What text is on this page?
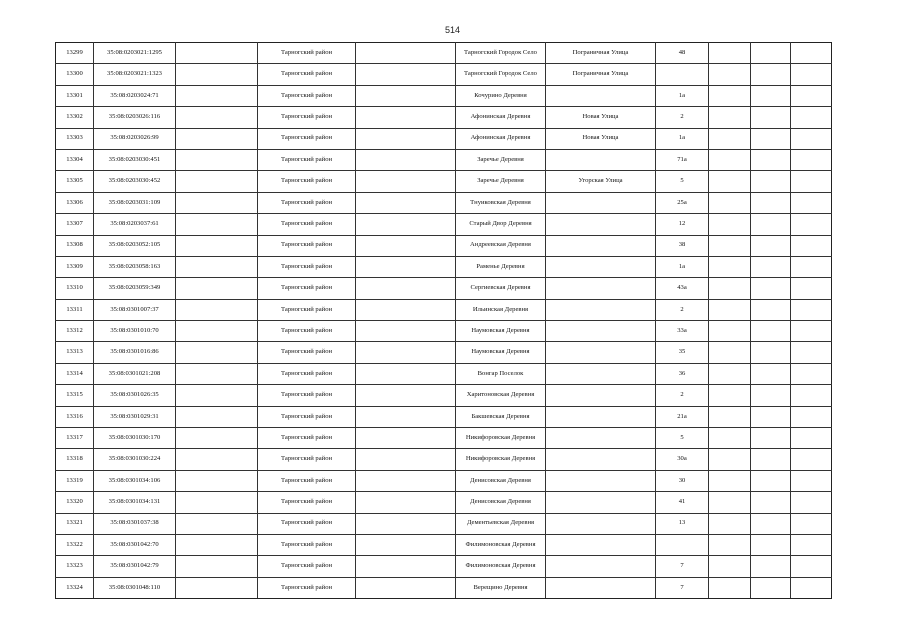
514
13299	35:08:0203021:1295		Тарногский район		Тарногский Городок Село	Пограничная Улица	48			
13300	35:08:0203021:1323		Тарногский район		Тарногский Городок Село	Пограничная Улица				
13301	35:08:0203024:71		Тарногский район		Кочурино Деревня		1а			
13302	35:08:0203026:116		Тарногский район		Афонинская Деревня	Новая Улица	2			
13303	35:08:0203026:99		Тарногский район		Афонинская Деревня	Новая Улица	1а			
13304	35:08:0203030:451		Тарногский район		Заречье Деревня		71а			
13305	35:08:0203030:452		Тарногский район		Заречье Деревня	Угорская Улица	5			
13306	35:08:0203031:109		Тарногский район		Тнуиковская Деревня		25а			
13307	35:08:0203037:61		Тарногский район		Старый Двор Деревня		12			
13308	35:08:0203052:105		Тарногский район		Андреевская Деревня		38			
13309	35:08:0203058:163		Тарногский район		Раменье Деревня		1а			
13310	35:08:0203059:349		Тарногский район		Сергиевская Деревня		43а			
13311	35:08:0301007:37		Тарногский район		Ильинская Деревня		2			
13312	35:08:0301010:70		Тарногский район		Наумовская Деревня		33а			
13313	35:08:0301016:86		Тарногский район		Наумовская Деревня		35			
13314	35:08:0301021:208		Тарногский район		Вонгар Поселок		36			
13315	35:08:0301026:35		Тарногский район		Харитоновская Деревня		2			
13316	35:08:0301029:31		Тарногский район		Бакшевская Деревня		21а			
13317	35:08:0301030:170		Тарногский район		Никифоровская Деревня		5			
13318	35:08:0301030:224		Тарногский район		Никифоровская Деревня		30а			
13319	35:08:0301034:106		Тарногский район		Денисовская Деревня		30			
13320	35:08:0301034:131		Тарногский район		Денисовская Деревня		41			
13321	35:08:0301037:38		Тарногский район		Дементьевская Деревня		13			
13322	35:08:0301042:70		Тарногский район		Филимоновская Деревня					
13323	35:08:0301042:79		Тарногский район		Филимоновская Деревня		7			
13324	35:08:0301048:110		Тарногский район		Верещино Деревня		7			
